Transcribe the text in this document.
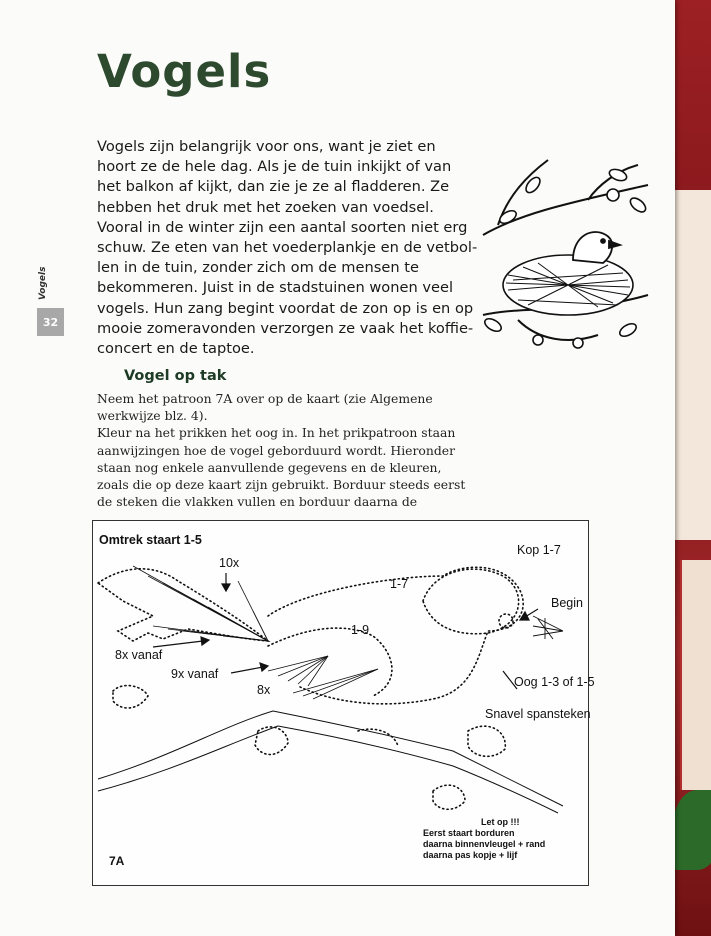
Vogels
Vogels
32
Vogels zijn belangrijk voor ons, want je ziet en
hoort ze de hele dag. Als je de tuin inkijkt of van
het balkon af kijkt, dan zie je ze al fladderen. Ze
hebben het druk met het zoeken van voedsel.
Vooral in de winter zijn een aantal soorten niet erg
schuw. Ze eten van het voederplankje en de vetbol-
len in de tuin, zonder zich om de mensen te
bekommeren. Juist in de stadstuinen wonen veel
vogels. Hun zang begint voordat de zon op is en op
mooie zomeravonden verzorgen ze vaak het koffie-
concert en de taptoe.
Vogel op tak
Neem het patroon 7A over op de kaart (zie Algemene
werkwijze blz. 4).
Kleur na het prikken het oog in. In het prikpatroon staan
aanwijzingen hoe de vogel geborduurd wordt. Hieronder
staan nog enkele aanvullende gegevens en de kleuren,
zoals die op deze kaart zijn gebruikt. Borduur steeds eerst
de steken die vlakken vullen en borduur daarna de
Omtrek staart 1-5
10x
8x vanaf
9x vanaf
8x
1-7
1-9
Kop 1-7
Begin
Oog 1-3 of 1-5
Snavel spansteken
Let op !!!
Eerst staart borduren
daarna binnenvleugel + rand
daarna pas kopje + lijf
7A
